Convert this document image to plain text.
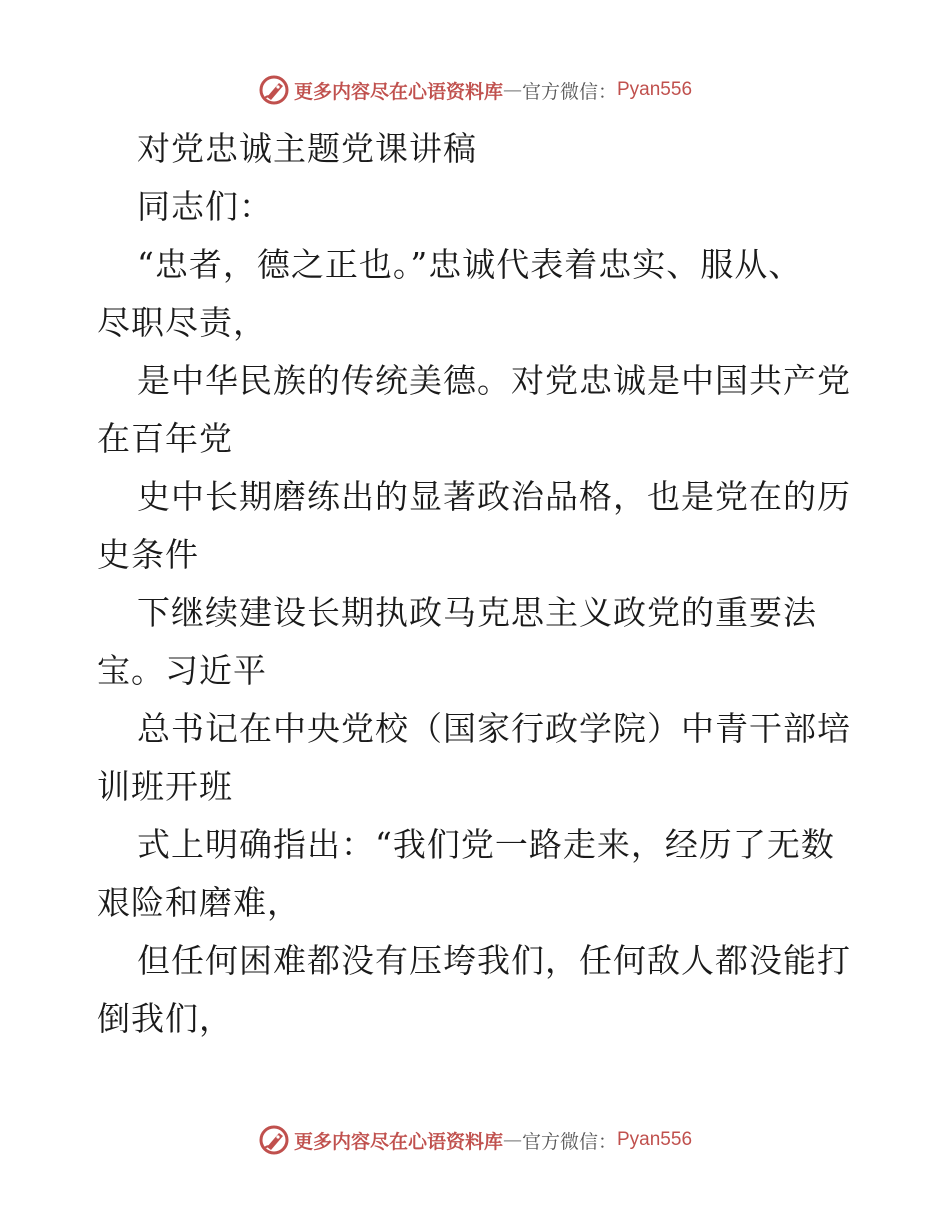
更多内容尽在心语资料库 — 官方微信： Pyan556
对党忠诚主题党课讲稿
同志们：
“忠者，德之正也。”忠诚代表着忠实、服从、
尽职尽责，
是中华民族的传统美德。对党忠诚是中国共产党
在百年党
史中长期磨练出的显著政治品格，也是党在的历
史条件
下继续建设长期执政马克思主义政党的重要法
宝。习近平
总书记在中央党校（国家行政学院）中青干部培
训班开班
式上明确指出：“我们党一路走来，经历了无数
艰险和磨难，
但任何困难都没有压垮我们，任何敌人都没能打
倒我们，
更多内容尽在心语资料库 — 官方微信： Pyan556
